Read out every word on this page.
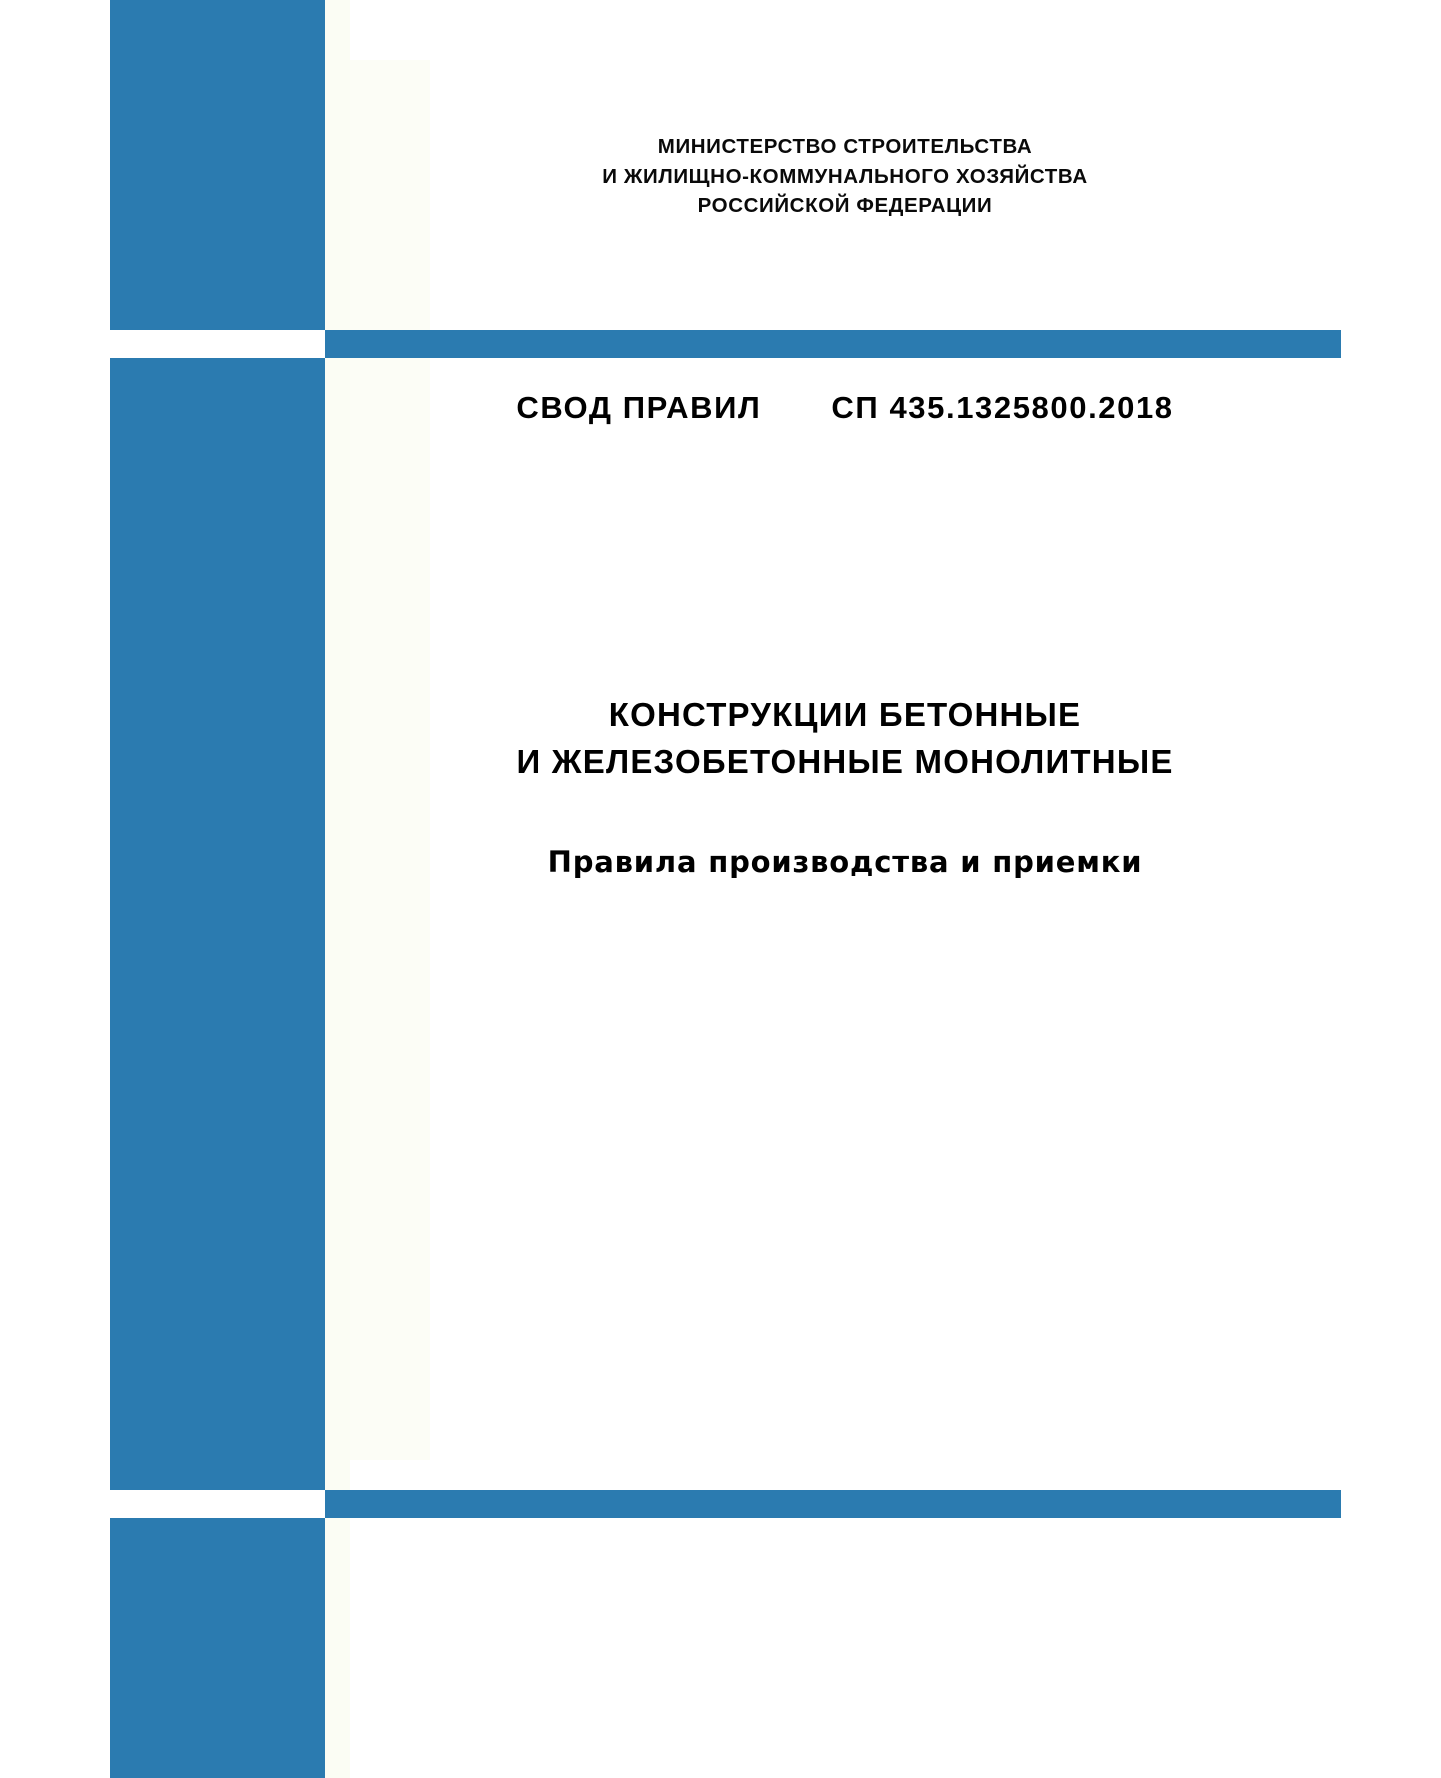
МИНИСТЕРСТВО СТРОИТЕЛЬСТВА
И ЖИЛИЩНО-КОММУНАЛЬНОГО ХОЗЯЙСТВА
РОССИЙСКОЙ ФЕДЕРАЦИИ
СВОД ПРАВИЛ СП 435.1325800.2018
КОНСТРУКЦИИ БЕТОННЫЕ
И ЖЕЛЕЗОБЕТОННЫЕ МОНОЛИТНЫЕ
Правила производства и приемки
